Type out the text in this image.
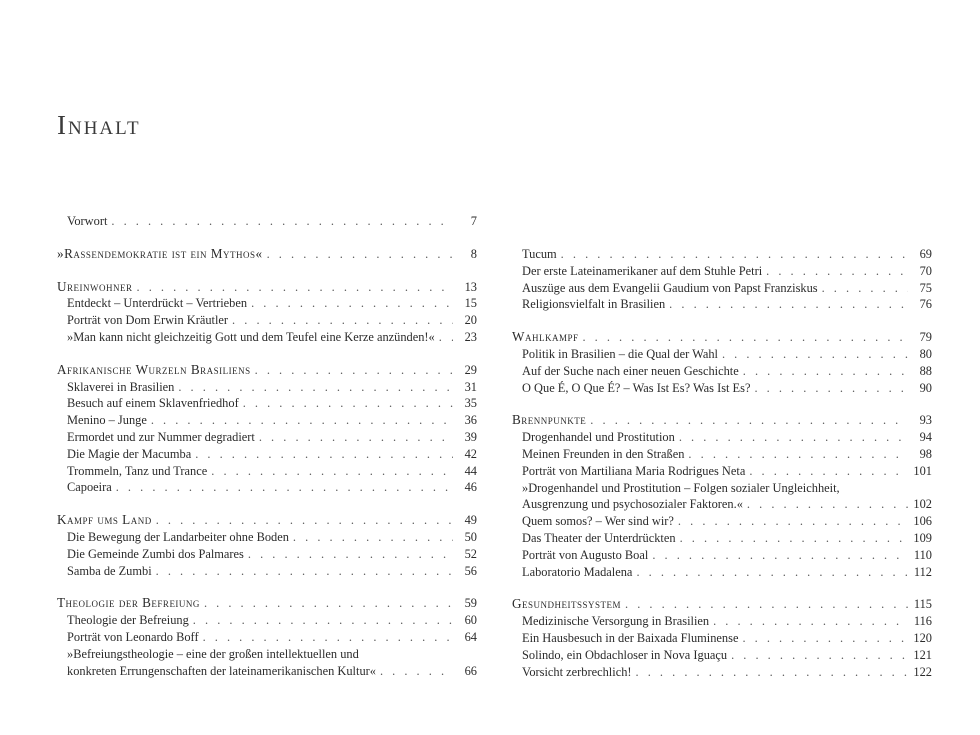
Inhalt
Vorwort . . .	7
»Rassendemokratie ist ein Mythos« . . .	8
Ureinwohner . . .	13
Entdeckt – Unterdrückt – Vertrieben . . .	15
Porträt von Dom Erwin Kräutler . . .	20
»Man kann nicht gleichzeitig Gott und dem Teufel eine Kerze anzünden!« . . .	23
Afrikanische Wurzeln Brasiliens . . .	29
Sklaverei in Brasilien . . .	31
Besuch auf einem Sklavenfriedhof . . .	35
Menino – Junge . . .	36
Ermordet und zur Nummer degradiert . . .	39
Die Magie der Macumba . . .	42
Trommeln, Tanz und Trance . . .	44
Capoeira . . .	46
Kampf ums Land . . .	49
Die Bewegung der Landarbeiter ohne Boden . . .	50
Die Gemeinde Zumbi dos Palmares . . .	52
Samba de Zumbi . . .	56
Theologie der Befreiung . . .	59
Theologie der Befreiung . . .	60
Porträt von Leonardo Boff . . .	64
»Befreiungstheologie – eine der großen intellektuellen und
konkreten Errungenschaften der lateinamerikanischen Kultur« . . .	66
Tucum . . .	69
Der erste Lateinamerikaner auf dem Stuhle Petri . . .	70
Auszüge aus dem Evangelii Gaudium von Papst Franziskus . . .	75
Religionsvielfalt in Brasilien . . .	76
Wahlkampf . . .	79
Politik in Brasilien – die Qual der Wahl . . .	80
Auf der Suche nach einer neuen Geschichte . . .	88
O Que É, O Que É? – Was Ist Es? Was Ist Es? . . .	90
Brennpunkte . . .	93
Drogenhandel und Prostitution . . .	94
Meinen Freunden in den Straßen . . .	98
Porträt von Martiliana Maria Rodrigues Neta . . .	101
»Drogenhandel und Prostitution – Folgen sozialer Ungleichheit,
Ausgrenzung und psychosozialer Faktoren.« . . .	102
Quem somos? – Wer sind wir? . . .	106
Das Theater der Unterdrückten . . .	109
Porträt von Augusto Boal . . .	110
Laboratorio Madalena . . .	112
Gesundheitssystem . . .	115
Medizinische Versorgung in Brasilien . . .	116
Ein Hausbesuch in der Baixada Fluminense . . .	120
Solindo, ein Obdachloser in Nova Iguaçu . . .	121
Vorsicht zerbrechlich! . . .	122
